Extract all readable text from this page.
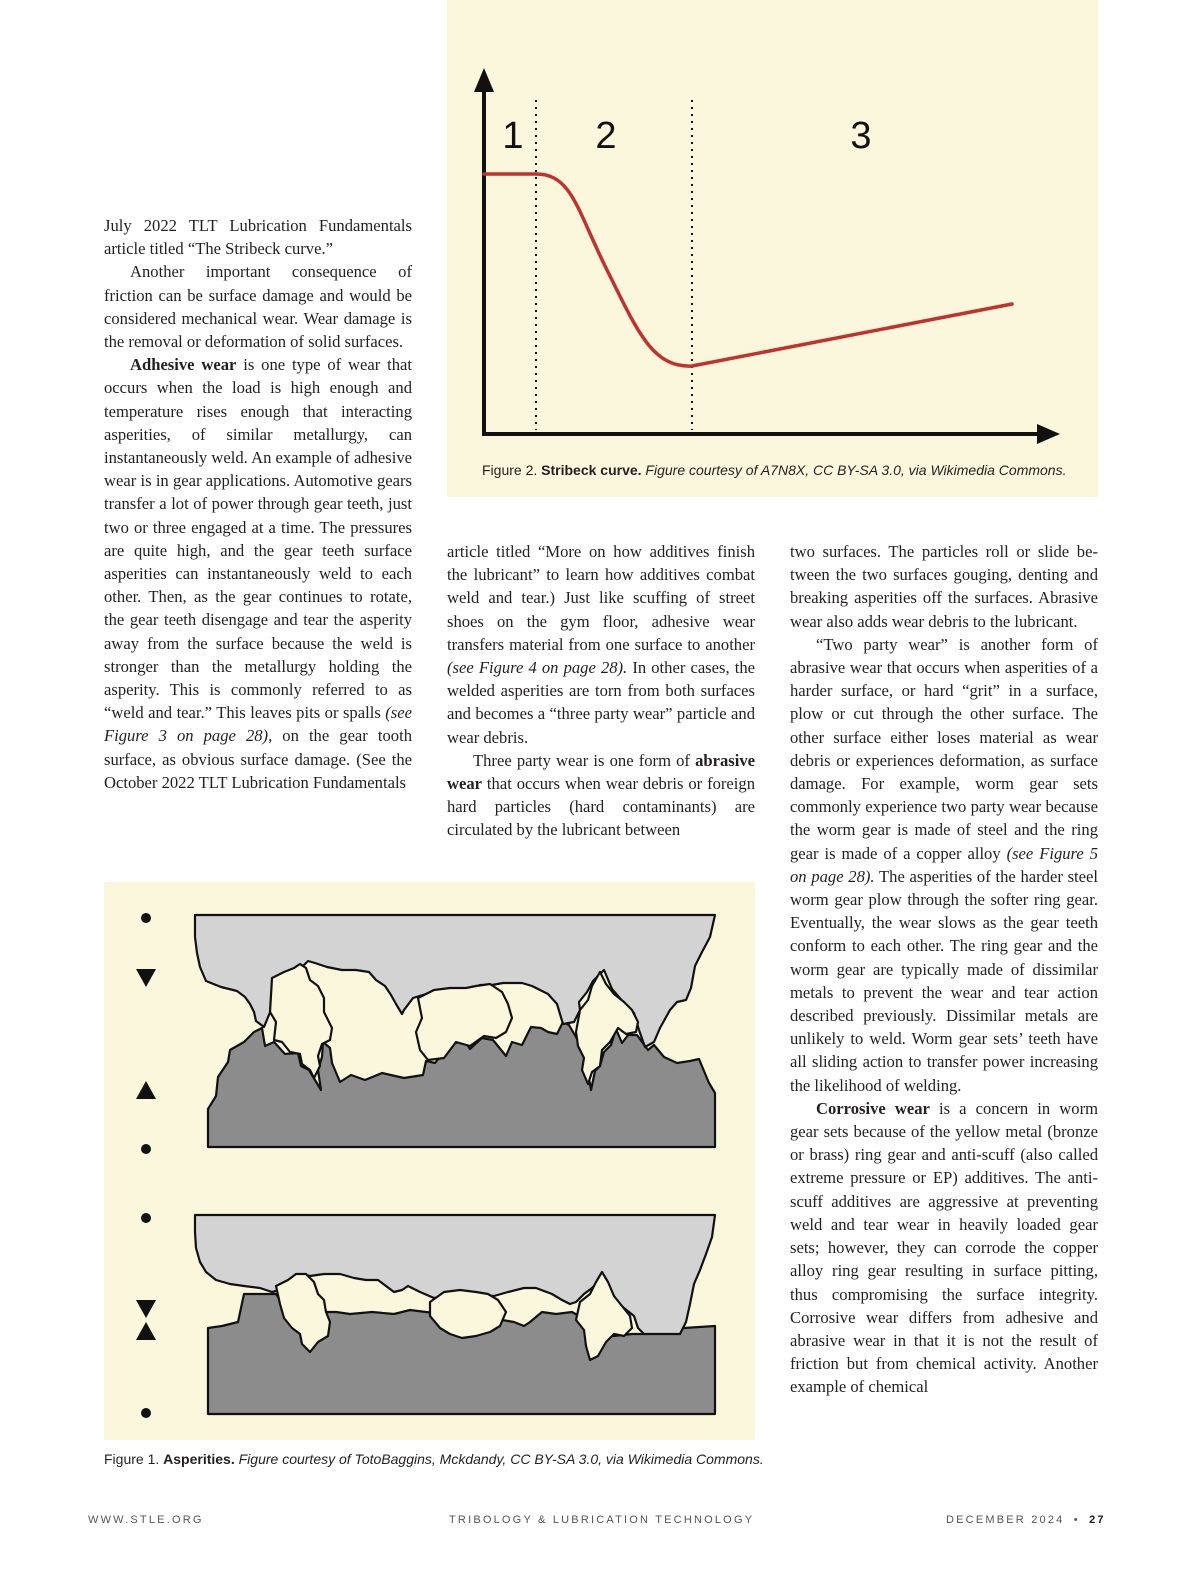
1 2	3
Figure 2. Stribeck curve. Figure courtesy of A7N8X, CC BY-SA 3.0, via Wikimedia Commons.

July 2022 TLT Lubrication Fundamentals article titled “The Stribeck curve.”

Another important consequence of friction can be surface damage and would be considered mechanical wear. Wear damage is the removal or deformation of solid surfaces.

Adhesive wear is one type of wear that occurs when the load is high enough and temperature rises enough that interacting asperities, of similar metallurgy, can instantaneously weld. An example of adhesive wear is in gear applications. Automotive gears transfer a lot of power through gear teeth, just two or three engaged at a time. The pressures are quite high, and the gear teeth surface asperities can instantaneously weld to each other. Then, as the gear continues to rotate, the gear teeth disengage and tear the asperity away from the surface because the weld is stronger than the metallurgy holding the asperity. This is commonly referred to as “weld and tear.” This leaves pits or spalls (see Figure 3 on page 28), on the gear tooth surface, as obvious surface damage. (See the October 2022 TLT Lubrication Fundamentals

article titled “More on how additives finish the lubricant” to learn how additives combat weld and tear.) Just like scuffing of street shoes on the gym floor, adhesive wear transfers material from one surface to another (see Figure 4 on page 28). In other cases, the welded asperities are torn from both surfaces and becomes a “three party wear” particle and wear debris.

Three party wear is one form of abrasive wear that occurs when wear debris or foreign hard particles (hard contaminants) are circulated by the lubricant between

two surfaces. The particles roll or slide between the two surfaces gouging, denting and breaking asperities off the surfaces. Abrasive wear also adds wear debris to the lubricant.

“Two party wear” is another form of abrasive wear that occurs when asperities of a harder surface, or hard “grit” in a surface, plow or cut through the other surface. The other surface either loses material as wear debris or experiences deformation, as surface damage. For example, worm gear sets commonly experience two party wear because the worm gear is made of steel and the ring gear is made of a copper alloy (see Figure 5 on page 28). The asperities of the harder steel worm gear plow through the softer ring gear. Eventually, the wear slows as the gear teeth conform to each other. The ring gear and the worm gear are typically made of dissimilar metals to prevent the wear and tear action described previously. Dissimilar metals are unlikely to weld. Worm gear sets’ teeth have all sliding action to transfer power increasing the likelihood of welding.

Corrosive wear is a concern in worm gear sets because of the yellow metal (bronze or brass) ring gear and anti-scuff (also called extreme pressure or EP) additives. The anti-scuff additives are aggressive at preventing weld and tear wear in heavily loaded gear sets; however, they can corrode the copper alloy ring gear resulting in surface pitting, thus compromising the surface integrity. Corrosive wear differs from adhesive and abrasive wear in that it is not the result of friction but from chemical activity. Another example of chemical

Figure 1. Asperities. Figure courtesy of TotoBaggins, Mckdandy, CC BY-SA 3.0, via Wikimedia Commons.
WWW.STLE.ORG	TRIBOLOGY & LUBRICATION TECHNOLOGY	DECEMBER 2024 • 27
